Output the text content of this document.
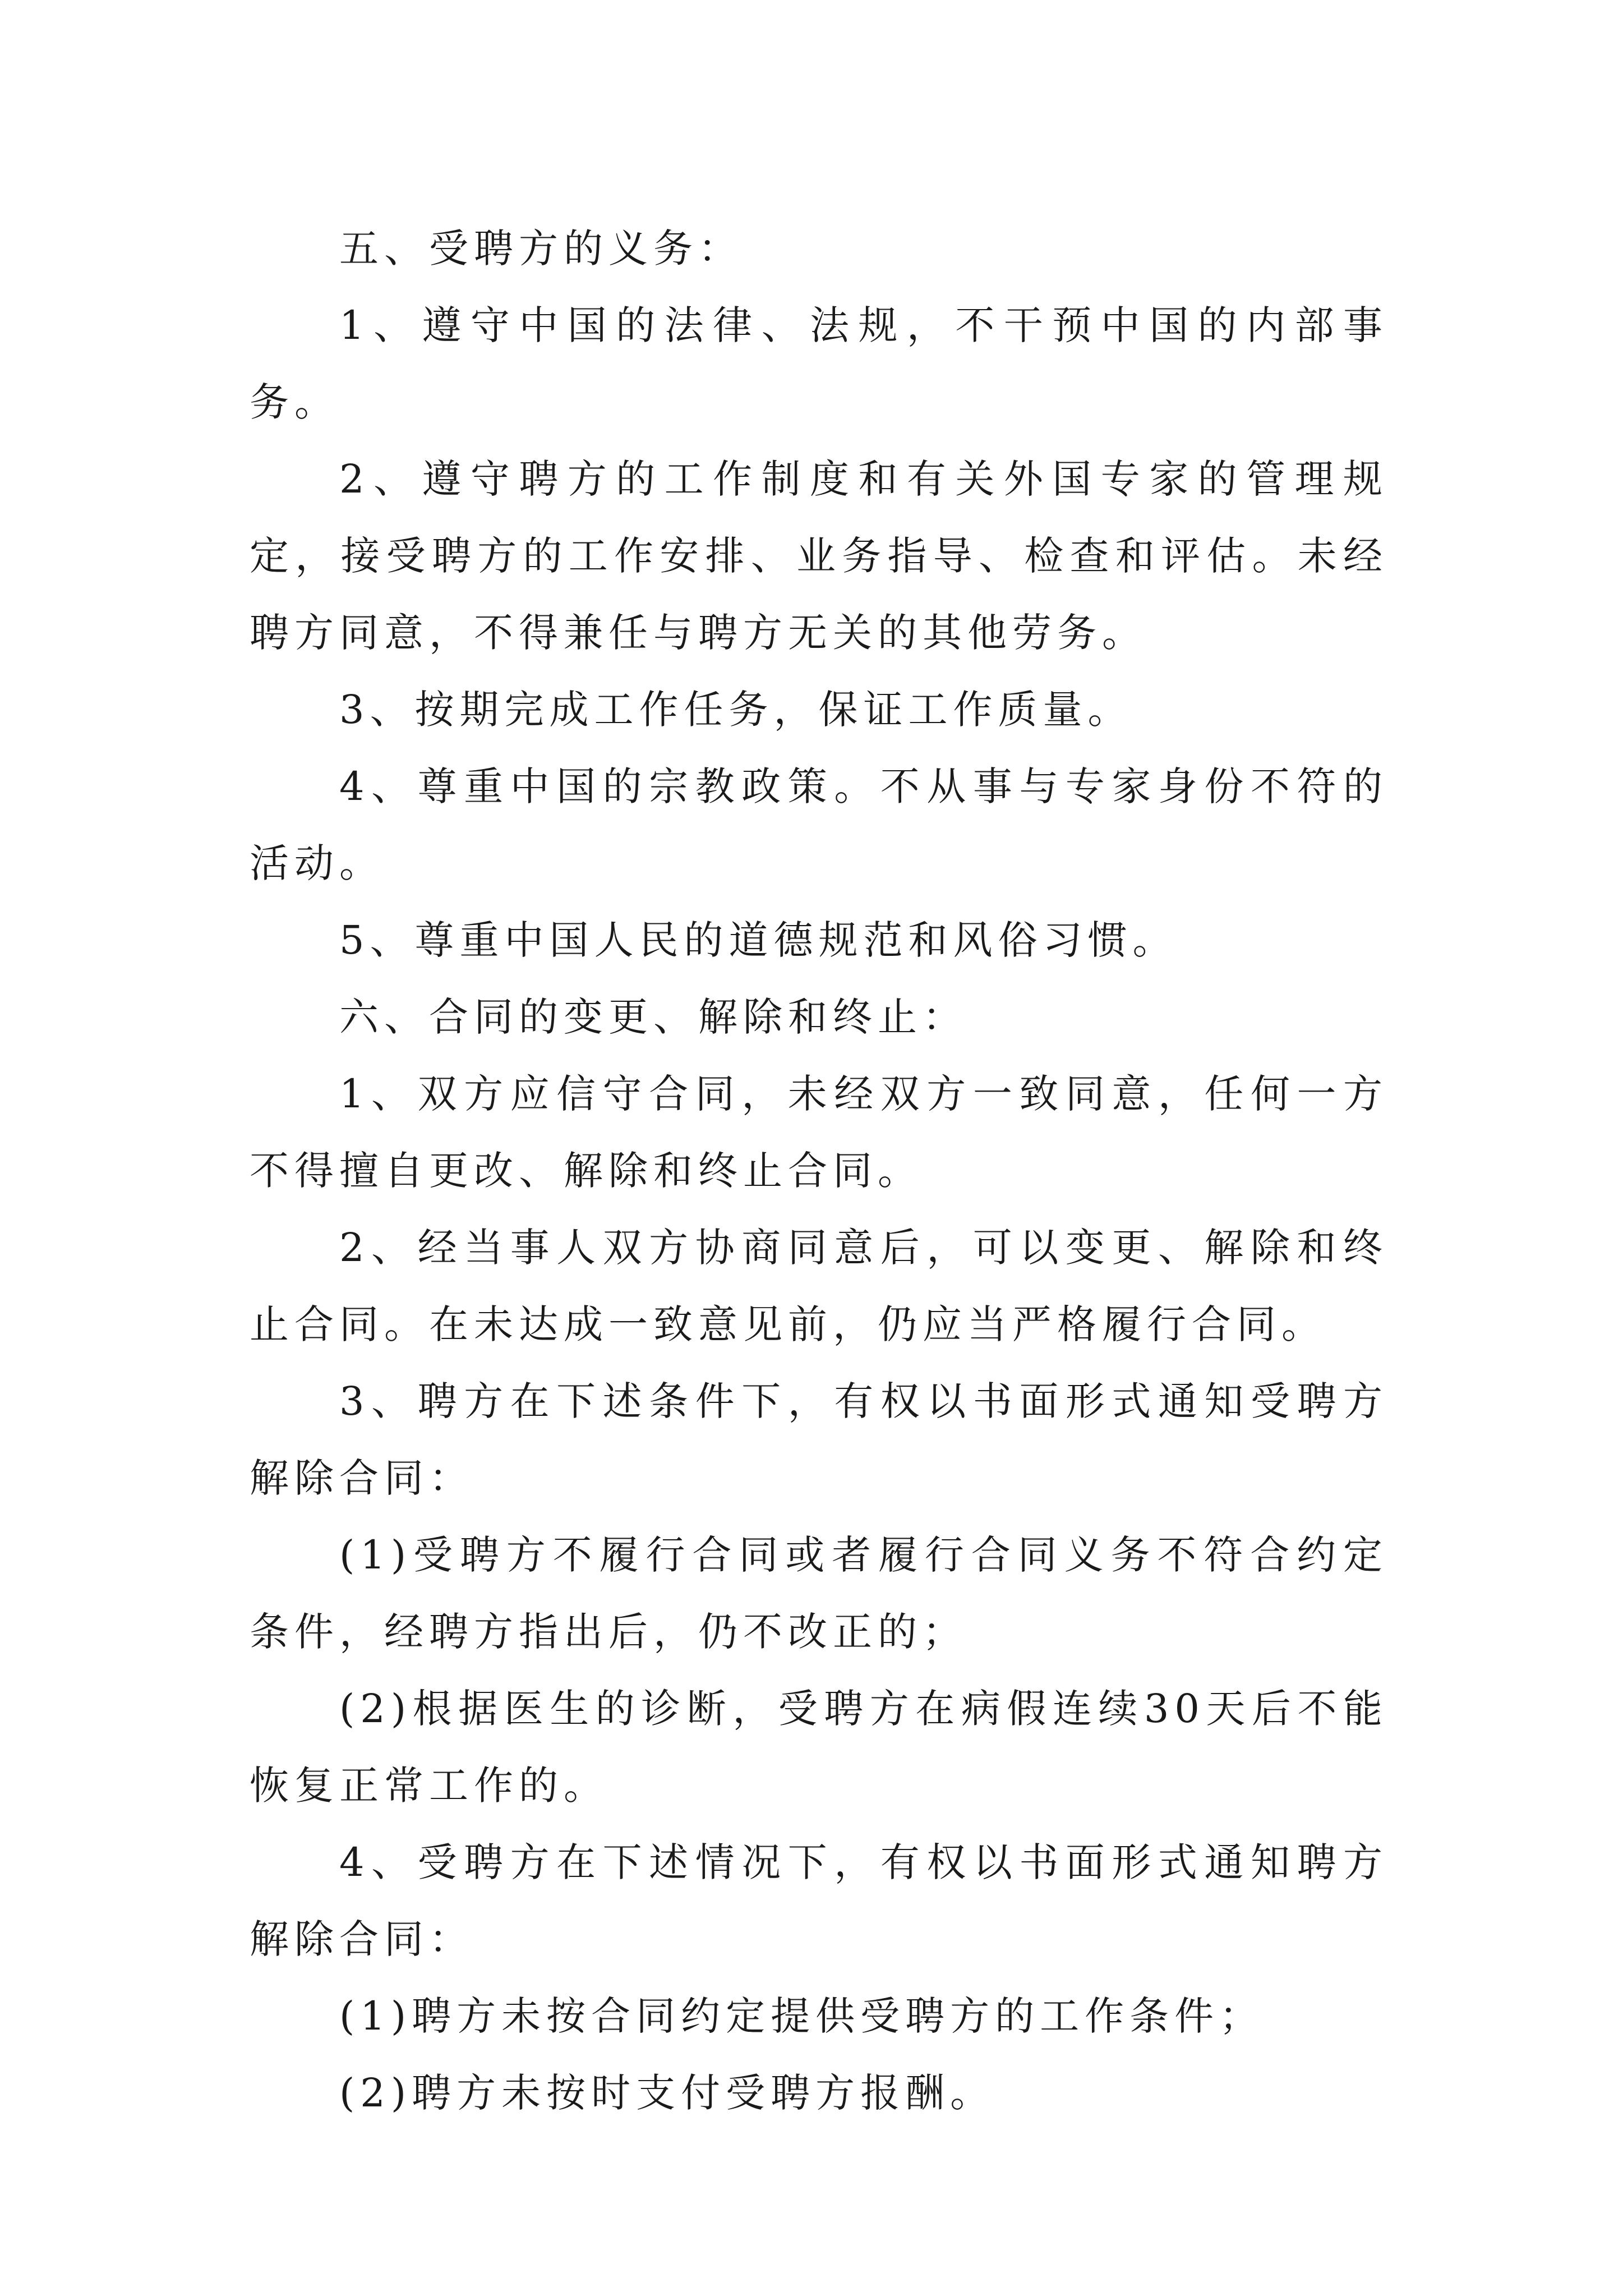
五、受聘方的义务：

1、遵守中国的法律、法规，不干预中国的内部事务。

2、遵守聘方的工作制度和有关外国专家的管理规定，接受聘方的工作安排、业务指导、检查和评估。未经聘方同意，不得兼任与聘方无关的其他劳务。

3、按期完成工作任务，保证工作质量。

4、尊重中国的宗教政策。不从事与专家身份不符的活动。

5、尊重中国人民的道德规范和风俗习惯。

六、合同的变更、解除和终止：

1、双方应信守合同，未经双方一致同意，任何一方不得擅自更改、解除和终止合同。

2、经当事人双方协商同意后，可以变更、解除和终止合同。在未达成一致意见前，仍应当严格履行合同。

3、聘方在下述条件下，有权以书面形式通知受聘方解除合同：

(1)受聘方不履行合同或者履行合同义务不符合约定条件，经聘方指出后，仍不改正的；

(2)根据医生的诊断，受聘方在病假连续30天后不能恢复正常工作的。

4、受聘方在下述情况下，有权以书面形式通知聘方解除合同：

(1)聘方未按合同约定提供受聘方的工作条件；

(2)聘方未按时支付受聘方报酬。
